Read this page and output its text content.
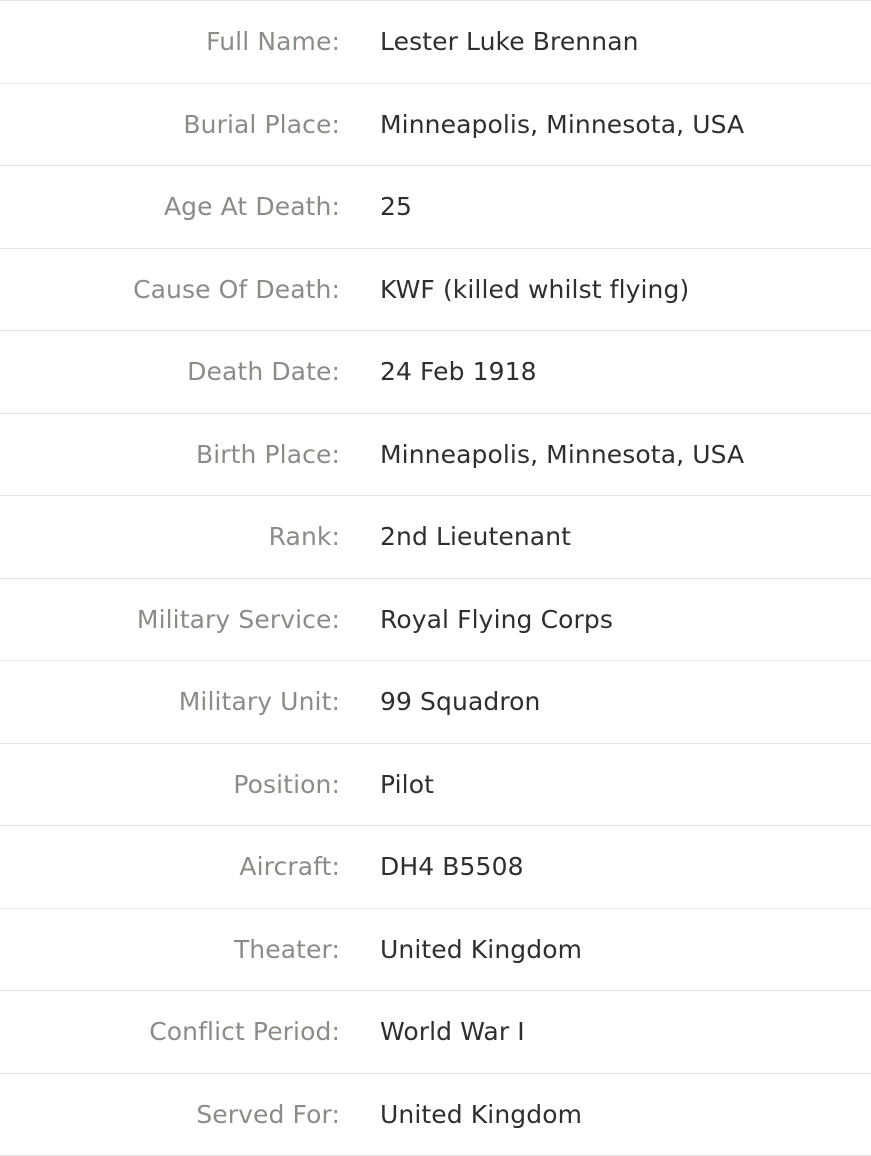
Full Name:	Lester Luke Brennan
Burial Place:	Minneapolis, Minnesota, USA
Age At Death:	25
Cause Of Death:	KWF (killed whilst flying)
Death Date:	24 Feb 1918
Birth Place:	Minneapolis, Minnesota, USA
Rank:	2nd Lieutenant
Military Service:	Royal Flying Corps
Military Unit:	99 Squadron
Position:	Pilot
Aircraft:	DH4 B5508
Theater:	United Kingdom
Conflict Period:	World War I
Served For:	United Kingdom
